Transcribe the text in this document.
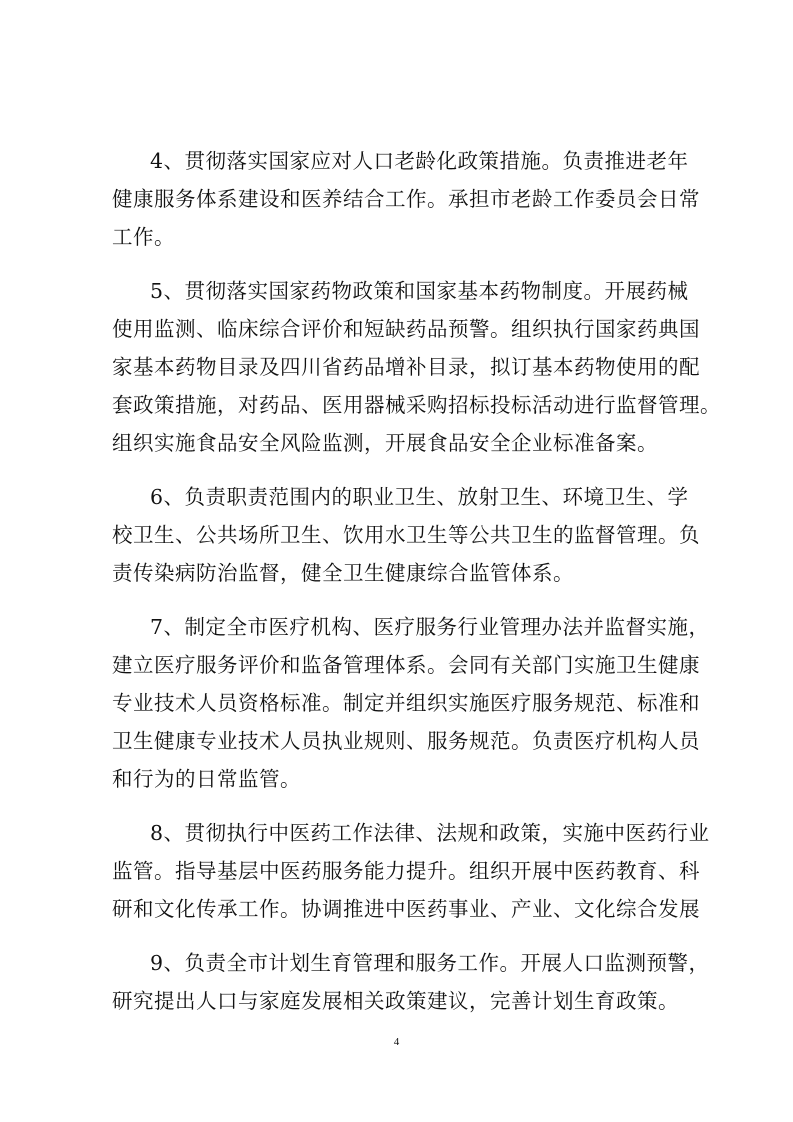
4、贯彻落实国家应对人口老龄化政策措施。负责推进老年
健康服务体系建设和医养结合工作。承担市老龄工作委员会日常
工作。

5、贯彻落实国家药物政策和国家基本药物制度。开展药械
使用监测、临床综合评价和短缺药品预警。组织执行国家药典国
家基本药物目录及四川省药品增补目录，拟订基本药物使用的配
套政策措施，对药品、医用器械采购招标投标活动进行监督管理。
组织实施食品安全风险监测，开展食品安全企业标准备案。

6、负责职责范围内的职业卫生、放射卫生、环境卫生、学
校卫生、公共场所卫生、饮用水卫生等公共卫生的监督管理。负
责传染病防治监督，健全卫生健康综合监管体系。

7、制定全市医疗机构、医疗服务行业管理办法并监督实施，
建立医疗服务评价和监备管理体系。会同有关部门实施卫生健康
专业技术人员资格标准。制定并组织实施医疗服务规范、标准和
卫生健康专业技术人员执业规则、服务规范。负责医疗机构人员
和行为的日常监管。

8、贯彻执行中医药工作法律、法规和政策，实施中医药行业
监管。指导基层中医药服务能力提升。组织开展中医药教育、科
研和文化传承工作。协调推进中医药事业、产业、文化综合发展

9、负责全市计划生育管理和服务工作。开展人口监测预警，
研究提出人口与家庭发展相关政策建议，完善计划生育政策。

4
